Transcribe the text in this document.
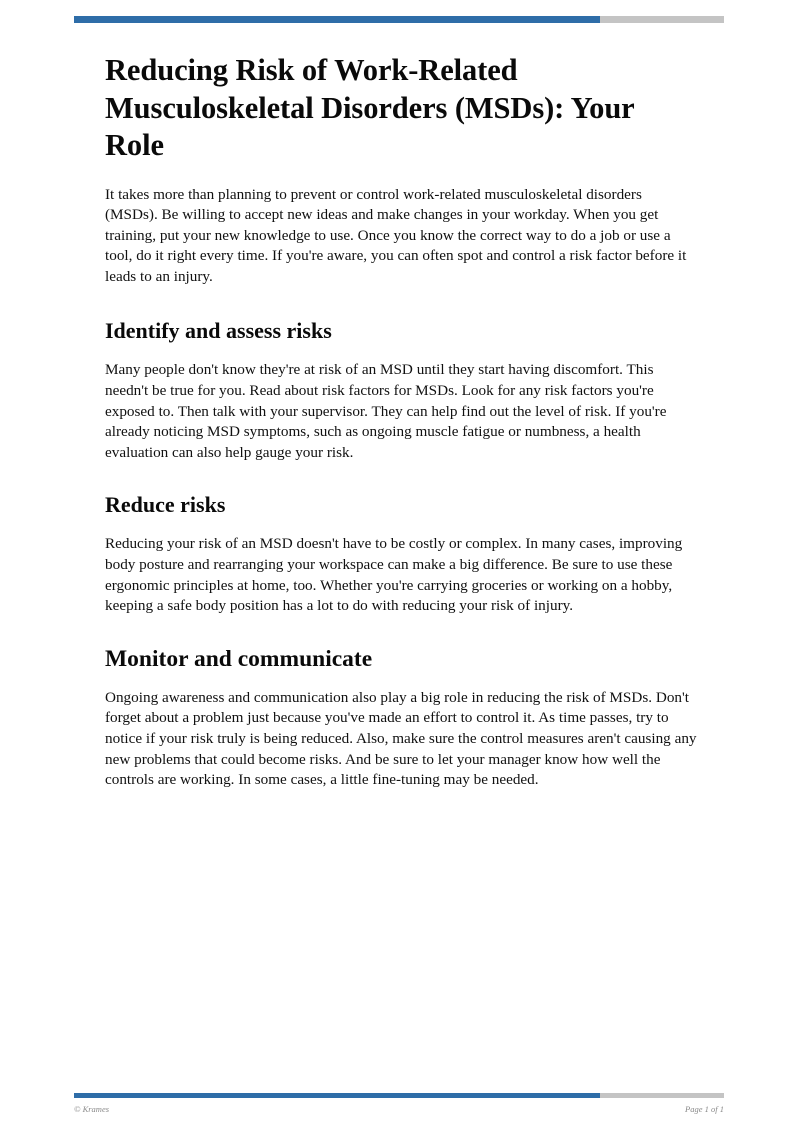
Reducing Risk of Work-Related Musculoskeletal Disorders (MSDs): Your Role

It takes more than planning to prevent or control work-related musculoskeletal disorders (MSDs). Be willing to accept new ideas and make changes in your workday. When you get training, put your new knowledge to use. Once you know the correct way to do a job or use a tool, do it right every time. If you're aware, you can often spot and control a risk factor before it leads to an injury.

Identify and assess risks

Many people don't know they're at risk of an MSD until they start having discomfort. This needn't be true for you. Read about risk factors for MSDs. Look for any risk factors you're exposed to. Then talk with your supervisor. They can help find out the level of risk. If you're already noticing MSD symptoms, such as ongoing muscle fatigue or numbness, a health evaluation can also help gauge your risk.

Reduce risks

Reducing your risk of an MSD doesn't have to be costly or complex. In many cases, improving body posture and rearranging your workspace can make a big difference. Be sure to use these ergonomic principles at home, too. Whether you're carrying groceries or working on a hobby, keeping a safe body position has a lot to do with reducing your risk of injury.

Monitor and communicate

Ongoing awareness and communication also play a big role in reducing the risk of MSDs. Don't forget about a problem just because you've made an effort to control it. As time passes, try to notice if your risk truly is being reduced. Also, make sure the control measures aren't causing any new problems that could become risks. And be sure to let your manager know how well the controls are working. In some cases, a little fine-tuning may be needed.

© Krames	Page 1 of 1
